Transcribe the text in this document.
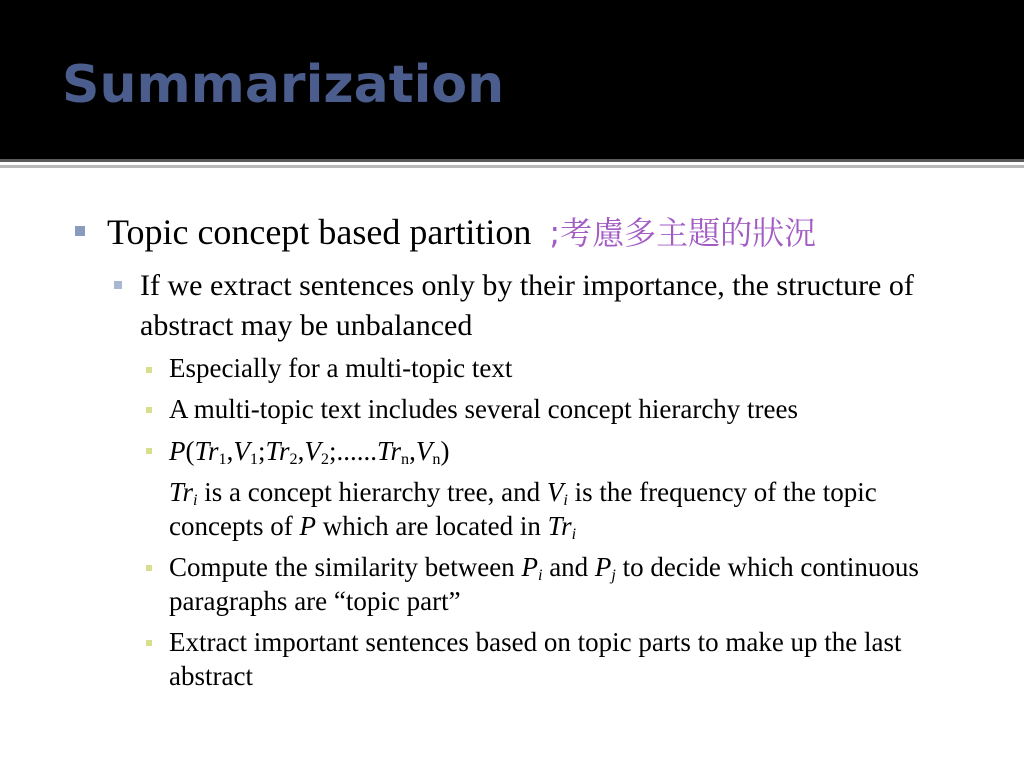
Summarization
Topic concept based partition ;考慮多主題的狀況
If we extract sentences only by their importance, the structure of abstract may be unbalanced
Especially for a multi-topic text
A multi-topic text includes several concept hierarchy trees
$P(Tr_1,V_1;Tr_2,V_2;......Tr_n,V_n)$
$Tr_i$ is a concept hierarchy tree, and $V_i$ is the frequency of the topic concepts of P which are located in $Tr_i$
Compute the similarity between $P_i$ and $P_j$ to decide which continuous paragraphs are “topic part”
Extract important sentences based on topic parts to make up the last abstract
